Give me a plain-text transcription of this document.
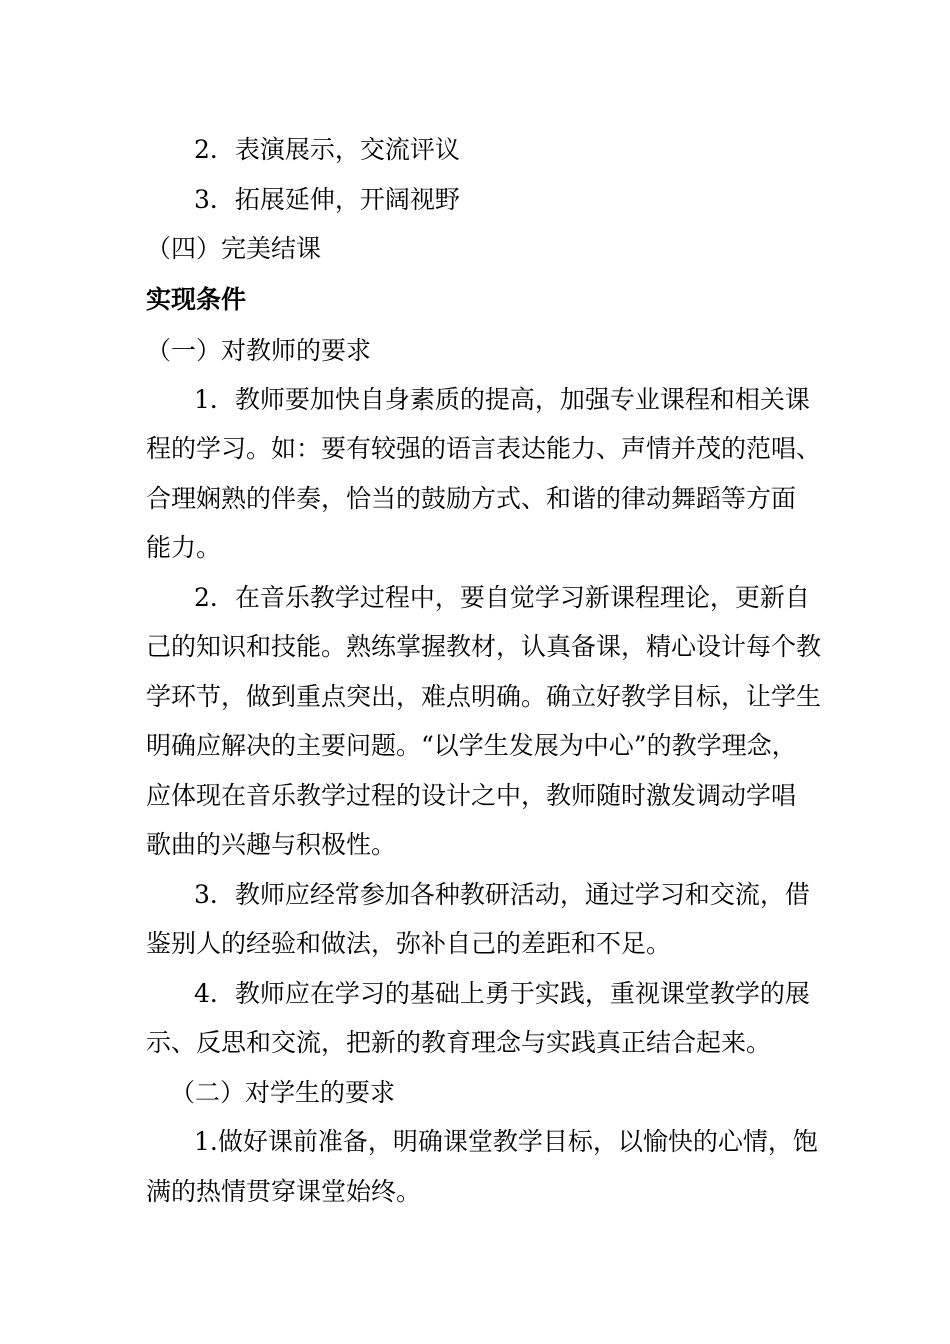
2．表演展示，交流评议
3．拓展延伸，开阔视野
（四）完美结课
实现条件
（一）对教师的要求
1．教师要加快自身素质的提高，加强专业课程和相关课
程的学习。如：要有较强的语言表达能力、声情并茂的范唱、
合理娴熟的伴奏，恰当的鼓励方式、和谐的律动舞蹈等方面
能力。
2．在音乐教学过程中，要自觉学习新课程理论，更新自
己的知识和技能。熟练掌握教材，认真备课，精心设计每个教
学环节，做到重点突出，难点明确。确立好教学目标，让学生
明确应解决的主要问题。“以学生发展为中心”的教学理念，
应体现在音乐教学过程的设计之中，教师随时激发调动学唱
歌曲的兴趣与积极性。
3．教师应经常参加各种教研活动，通过学习和交流，借
鉴别人的经验和做法，弥补自己的差距和不足。
4．教师应在学习的基础上勇于实践，重视课堂教学的展
示、反思和交流，把新的教育理念与实践真正结合起来。
（二）对学生的要求
1.做好课前准备，明确课堂教学目标，以愉快的心情，饱
满的热情贯穿课堂始终。
